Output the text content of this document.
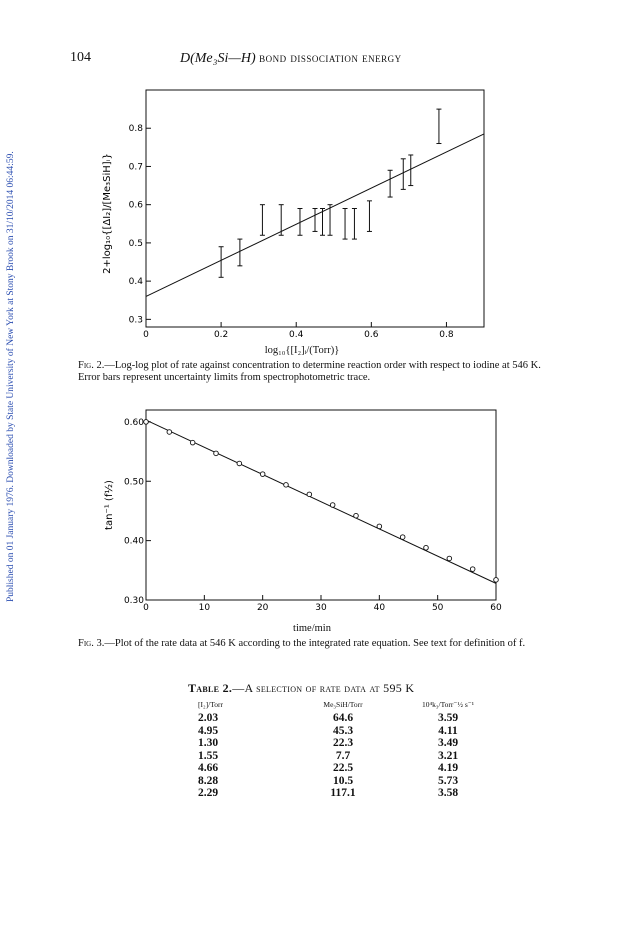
Published on 01 January 1976. Downloaded by State University of New York at Stony Brook on 31/10/2014 06:44:59.
104	D(Me₃Si—H) bond dissociation energy
0	0.2	0.4	0.6	0.8
0.3
0.4
0.5
0.6
0.7
0.8
2+log₁₀{[ΔI₂]/[Me₃SiH]ᵢ}
log₁₀{[I₂]ᵢ/(Torr)}
Fig. 2.—Log-log plot of rate against concentration to determine reaction order with respect to iodine at 546 K. Error bars represent uncertainty limits from spectrophotometric trace.
0	10	20	30	40	50	60
0.30
0.40
0.50
0.60
tan⁻¹ (f½)
time/min
Fig. 3.—Plot of the rate data at 546 K according to the integrated rate equation. See text for definition of f.
Table 2.—A selection of rate data at 595 K
[I₂]/Torr	Me₃SiH/Torr	10⁴k₃/Torr⁻½ s⁻¹
2.03	64.6	3.59
4.95	45.3	4.11
1.30	22.3	3.49
1.55	7.7	3.21
4.66	22.5	4.19
8.28	10.5	5.73
2.29	117.1	3.58
